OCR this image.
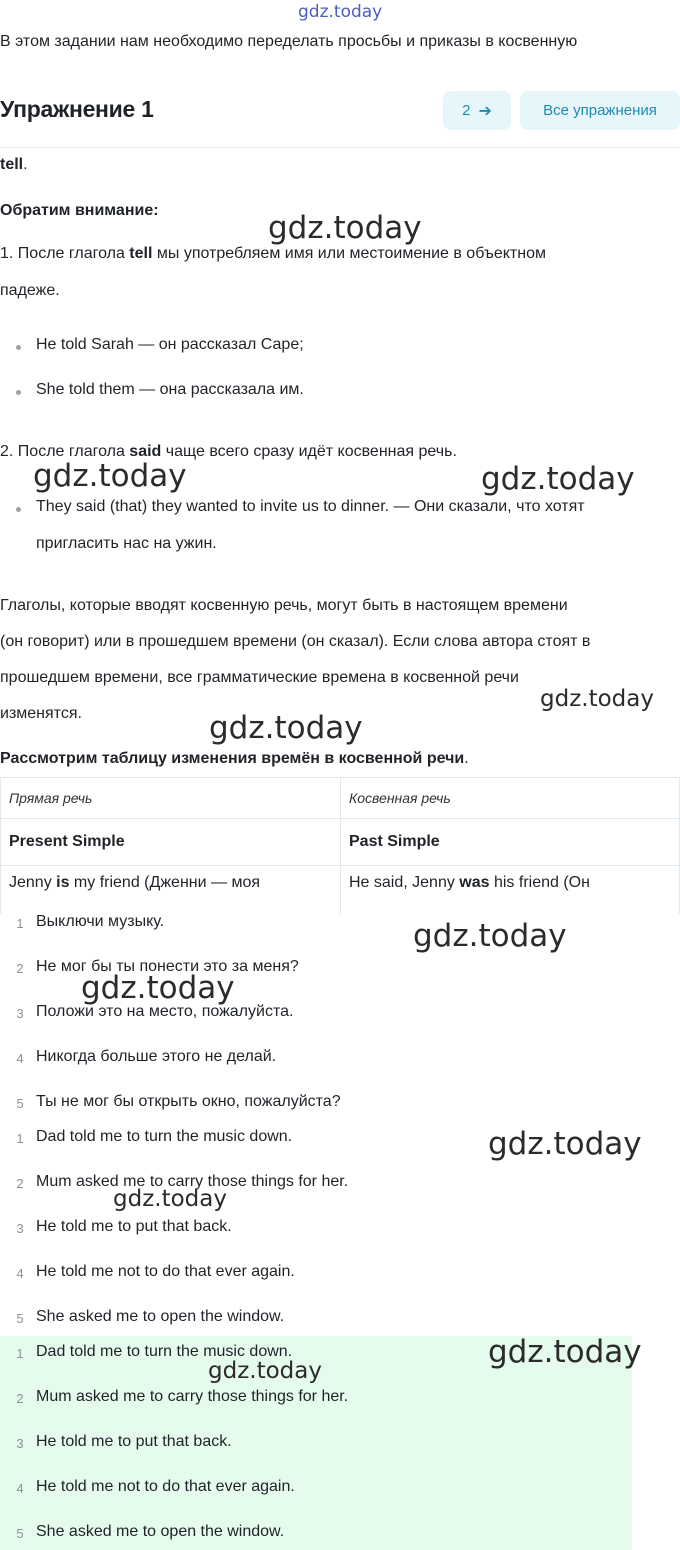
gdz.today
В этом задании нам необходимо переделать просьбы и приказы в косвенную
Упражнение 1	2 ➔	Все упражнения
tell.
Обратим внимание:
1. После глагола tell мы употребляем имя или местоимение в объектном
падеже.
He told Sarah — он рассказал Саре;
She told them — она рассказала им.
2. После глагола said чаще всего сразу идёт косвенная речь.
They said (that) they wanted to invite us to dinner. — Они сказали, что хотят
пригласить нас на ужин.
Глаголы, которые вводят косвенную речь, могут быть в настоящем времени
(он говорит) или в прошедшем времени (он сказал). Если слова автора стоят в
прошедшем времени, все грамматические времена в косвенной речи
изменятся.
Рассмотрим таблицу изменения времён в косвенной речи.
Прямая речь	Косвенная речь
Present Simple	Past Simple
Jenny is my friend (Дженни — моя	He said, Jenny was his friend (Он
1 Выключи музыку.
2 Не мог бы ты понести это за меня?
3 Положи это на место, пожалуйста.
4 Никогда больше этого не делай.
5 Ты не мог бы открыть окно, пожалуйста?
1 Dad told me to turn the music down.
2 Mum asked me to carry those things for her.
3 He told me to put that back.
4 He told me not to do that ever again.
5 She asked me to open the window.
1 Dad told me to turn the music down.
2 Mum asked me to carry those things for her.
3 He told me to put that back.
4 He told me not to do that ever again.
5 She asked me to open the window.
gdz.today
gdz.today	gdz.today
gdz.today
gdz.today
gdz.today
gdz.today
gdz.today
gdz.today
gdz.today
gdz.today
